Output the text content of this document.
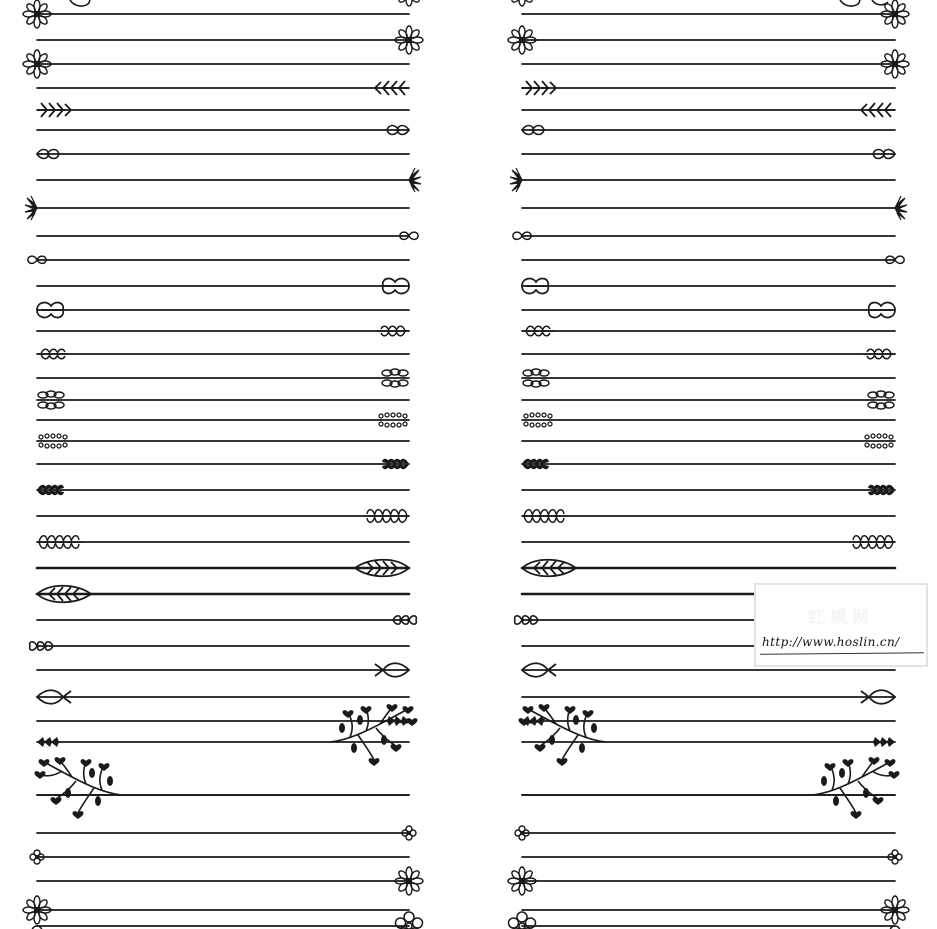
红模网
http://www.hoslin.cn/
